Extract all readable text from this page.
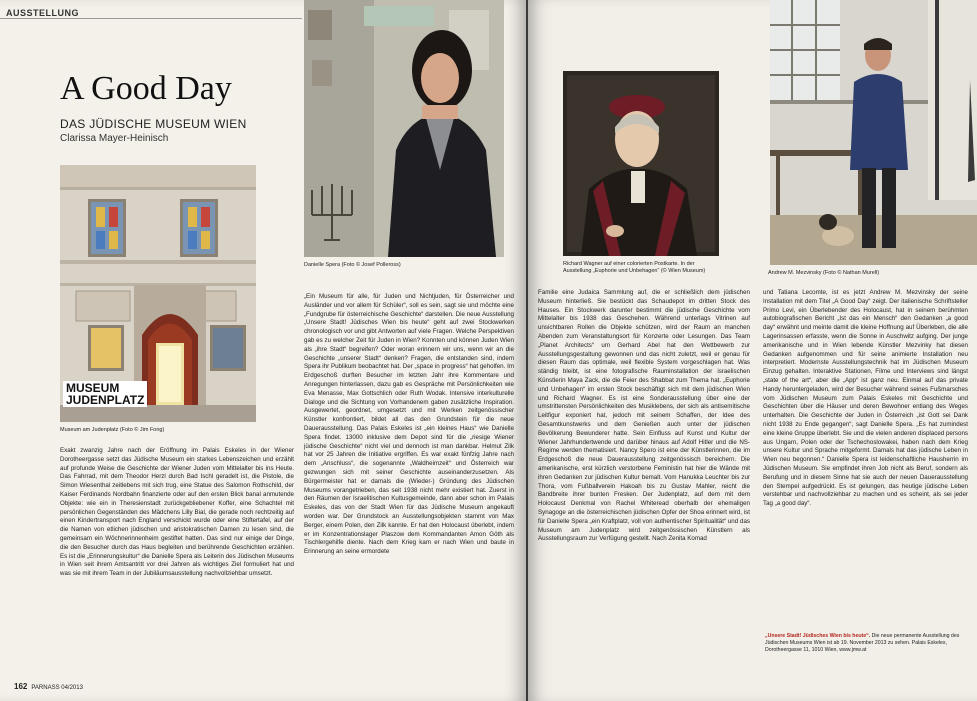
AUSSTELLUNG
A Good Day
DAS JÜDISCHE MUSEUM WIEN
Clarissa Mayer-Heinisch
MUSEUM
JUDENPLATZ
Museum am Judenplatz (Foto © Jim Fong)
Danielle Spera (Foto © Josef Polleross)
Exakt zwanzig Jahre nach der Eröffnung im Palais Eskeles in der Wiener Dorotheergasse setzt das Jüdische Museum ein starkes Lebenszeichen und erzählt auf profunde Weise die Geschichte der Wiener Juden vom Mittelalter bis ins Heute. Das Fahrrad, mit dem Theodor Herzl durch Bad Ischl geradelt ist, die Pistole, die Simon Wiesenthal zeitlebens mit sich trug, eine Statue des Salomon Rothschild, der Kaiser Ferdinands Nordbahn finanzierte oder auf den ersten Blick banal anmutende Objekte: wie ein in Theresienstadt zurückgebliebener Koffer, eine Schachtel mit persönlichen Gegenständen des Mädchens Lilly Bial, die gerade noch rechtzeitig auf einen Kindertransport nach England verschickt wurde oder eine Stiftertafel, auf der die Namen von etlichen jüdischen und aristokratischen Damen zu lesen sind, die gemeinsam ein Wöchnerinnenheim gestiftet hatten. Das sind nur einige der Dinge, die den Besucher durch das Haus begleiten und berührende Geschichten erzählen. Es ist die „Erinnerungskultur“ die Danielle Spera als Leiterin des Jüdischen Museums in Wien seit ihrem Amtsantritt vor drei Jahren als wichtiges Ziel formuliert hat und was sie mit ihrem Team in der Jubiläumsausstellung nachvollziehbar umsetzt.
„Ein Museum für alle, für Juden und Nichtjuden, für Österreicher und Ausländer und vor allem für Schüler“, soll es sein, sagt sie und möchte eine „Fundgrube für österreichische Geschichte“ darstellen. Die neue Ausstellung „Unsere Stadt! Jüdisches Wien bis heute“ geht auf zwei Stockwerken chronologisch vor und gibt Antworten auf viele Fragen. Welche Perspektiven gab es zu welcher Zeit für Juden in Wien? Konnten und können Juden Wien als „ihre Stadt“ begreifen? Oder woran erinnern wir uns, wenn wir an die Geschichte „unserer Stadt“ denken? Fragen, die entstanden sind, indem Spera ihr Publikum beobachtet hat. Der „space in progress“ hat geholfen. Im Erdgeschoß durften Besucher im letzten Jahr ihre Kommentare und Anregungen hinterlassen, dazu gab es Gespräche mit Persönlichkeiten wie Eva Menasse, Max Gottschlich oder Ruth Wodak. Intensive interkulturelle Dialoge und die Sichtung von Vorhandenem gaben zusätzliche Inspiration. Ausgewertet, geordnet, umgesetzt und mit Werken zeitgenössischer Künstler konfrontiert, bildet all das den Grundstein für die neue Dauerausstellung. Das Palais Eskeles ist „ein kleines Haus“ wie Danielle Spera findet. 13000 inklusive dem Depot sind für die „riesige Wiener jüdische Geschichte“ nicht viel und dennoch ist man dankbar. Helmut Zilk hat vor 25 Jahren die Initiative ergriffen. Es war exakt fünfzig Jahre nach dem „Anschluss“, die sogenannte „Waldheimzeit“ und Österreich war gezwungen sich mit seiner Geschichte auseinanderzusetzen. Als Bürgermeister hat er damals die (Wieder-) Gründung des Jüdischen Museums vorangetrieben, das seit 1938 nicht mehr existiert hat. Zuerst in den Räumen der Israelitischen Kultusgemeinde, dann aber schon im Palais Eskeles, das von der Stadt Wien für das Jüdische Museum angekauft worden war. Der Grundstock an Ausstellungsobjekten stammt von Max Berger, einem Polen, den Zilk kannte. Er hat den Holocaust überlebt, indem er im Konzentrationslager Plaszow dem Kommandanten Amon Göth als Tischlergehilfe diente. Nach dem Krieg kam er nach Wien und baute in Erinnerung an seine ermordete
162 PARNASS 04/2013
Richard Wagner auf einer colorierten Postkarte. In der
Ausstellung „Euphorie und Unbehagen“ (© Wien Museum)	Andrew M. Mezvinsky (Foto © Nathan Murell)
Familie eine Judaica Sammlung auf, die er schließlich dem jüdischen Museum hinterließ. Sie bestückt das Schaudepot im dritten Stock des Hauses. Ein Stockwerk darunter bestimmt die jüdische Geschichte vom Mittelalter bis 1938 das Geschehen. Während unterlags Vitrinen auf unsichtbaren Rollen die Objekte schützen, wird der Raum an manchen Abenden zum Veranstaltungsort für Konzerte oder Lesungen. Das Team „Planet Architects“ um Gerhard Abel hat den Wettbewerb zur Ausstellungsgestaltung gewonnen und das nicht zuletzt, weil er genau für diesen Raum das optimale, weil flexible System vorgeschlagen hat. Was ständig bleibt, ist eine fotografische Rauminstallation der israelischen Künstlerin Maya Zack, die die Feier des Shabbat zum Thema hat. „Euphorie und Unbehagen“ im ersten Stock beschäftigt sich mit dem jüdischen Wien und Richard Wagner. Es ist eine Sonderausstellung über eine der umstrittensten Persönlichkeiten des Musiklebens, der sich als antisemitische Leitfigur exponiert hat, jedoch mit seinem Schaffen, der Idee des Gesamtkunstwerks und dem Genießen auch unter der jüdischen Bevölkerung Bewunderer hatte. Sein Einfluss auf Kunst und Kultur der Wiener Jahrhundertwende und darüber hinaus auf Adolf Hitler und die NS-Regime werden thematisiert. Nancy Spero ist eine der Künstlerinnen, die im Erdgeschoß die neue Dauerausstellung zeitgenössisch bereichern. Die amerikanische, erst kürzlich verstorbene Feministin hat hier die Wände mit ihren Gedanken zur jüdischen Kultur bemalt. Vom Hanukka Leuchter bis zur Thora, vom Fußballverein Hakoah bis zu Gustav Mahler, reicht die Bandbreite ihrer bunten Fresken. Der Judenplatz, auf dem mit dem Holocaust Denkmal von Rachel Whiteread oberhalb der ehemaligen Synagoge an die österreichischen jüdischen Opfer der Shoa erinnert wird, ist für Danielle Spera „ein Kraftplatz, voll von authentischer Spiritualität“ und das Museum am Judenplatz wird zeitgenössischen Künstlern als Ausstellungsraum zur Verfügung gestellt. Nach Zenita Komad
und Tatiana Lecomte, ist es jetzt Andrew M. Mezvinsky der seine Installation mit dem Titel „A Good Day“ zeigt. Der italienische Schriftsteller Primo Levi, ein Überlebender des Holocaust, hat in seinem berühmten autobiografischen Bericht „Ist das ein Mensch“ den Gedanken „a good day“ erwähnt und meinte damit die kleine Hoffnung auf Überleben, die alle Lagerinsassen erfasste, wenn die Sonne in Auschwitz aufging. Der junge amerikanische und in Wien lebende Künstler Mezvinky hat diesen Gedanken aufgenommen und für seine animierte Installation neu interpretiert. Modernste Ausstellungstechnik hat im Jüdischen Museum Einzug gehalten. Interaktive Stationen, Filme und Interviews sind längst „state of the art“, aber die „App“ ist ganz neu. Einmal auf das private Handy heruntergeladen, wird der Besucher während seines Fußmarsches vom Jüdischen Museum zum Palais Eskeles mit Geschichte und Geschichten über die Häuser und deren Bewohner entlang des Weges unterhalten. Die Geschichte der Juden in Österreich „ist Gott sei Dank nicht 1938 zu Ende gegangen“, sagt Danielle Spera. „Es hat zumindest eine kleine Gruppe überlebt. Sie und die vielen anderen displaced persons aus Ungarn, Polen oder der Tschechoslowakei, haben nach dem Krieg unsere Kultur und Sprache mitgeformt. Damals hat das jüdische Leben in Wien neu begonnen.“ Danielle Spera ist leidenschaftliche Hausherrin im Jüdischen Museum. Sie empfindet ihren Job nicht als Beruf, sondern als Berufung und in diesem Sinne hat sie auch der neuen Dauerausstellung den Stempel aufgedrückt. Es ist gelungen, das heutige jüdische Leben verstehbar und nachvollziehbar zu machen und es scheint, als sei jeder Tag „a good day“.
„Unsere Stadt! Jüdisches Wien bis heute“. Die neue permanente Ausstellung des Jüdischen Museums Wien ist ab 19. November 2013 zu sehen. Palais Eskeles, Dorotheergasse 11, 1010 Wien, www.jmw.at
